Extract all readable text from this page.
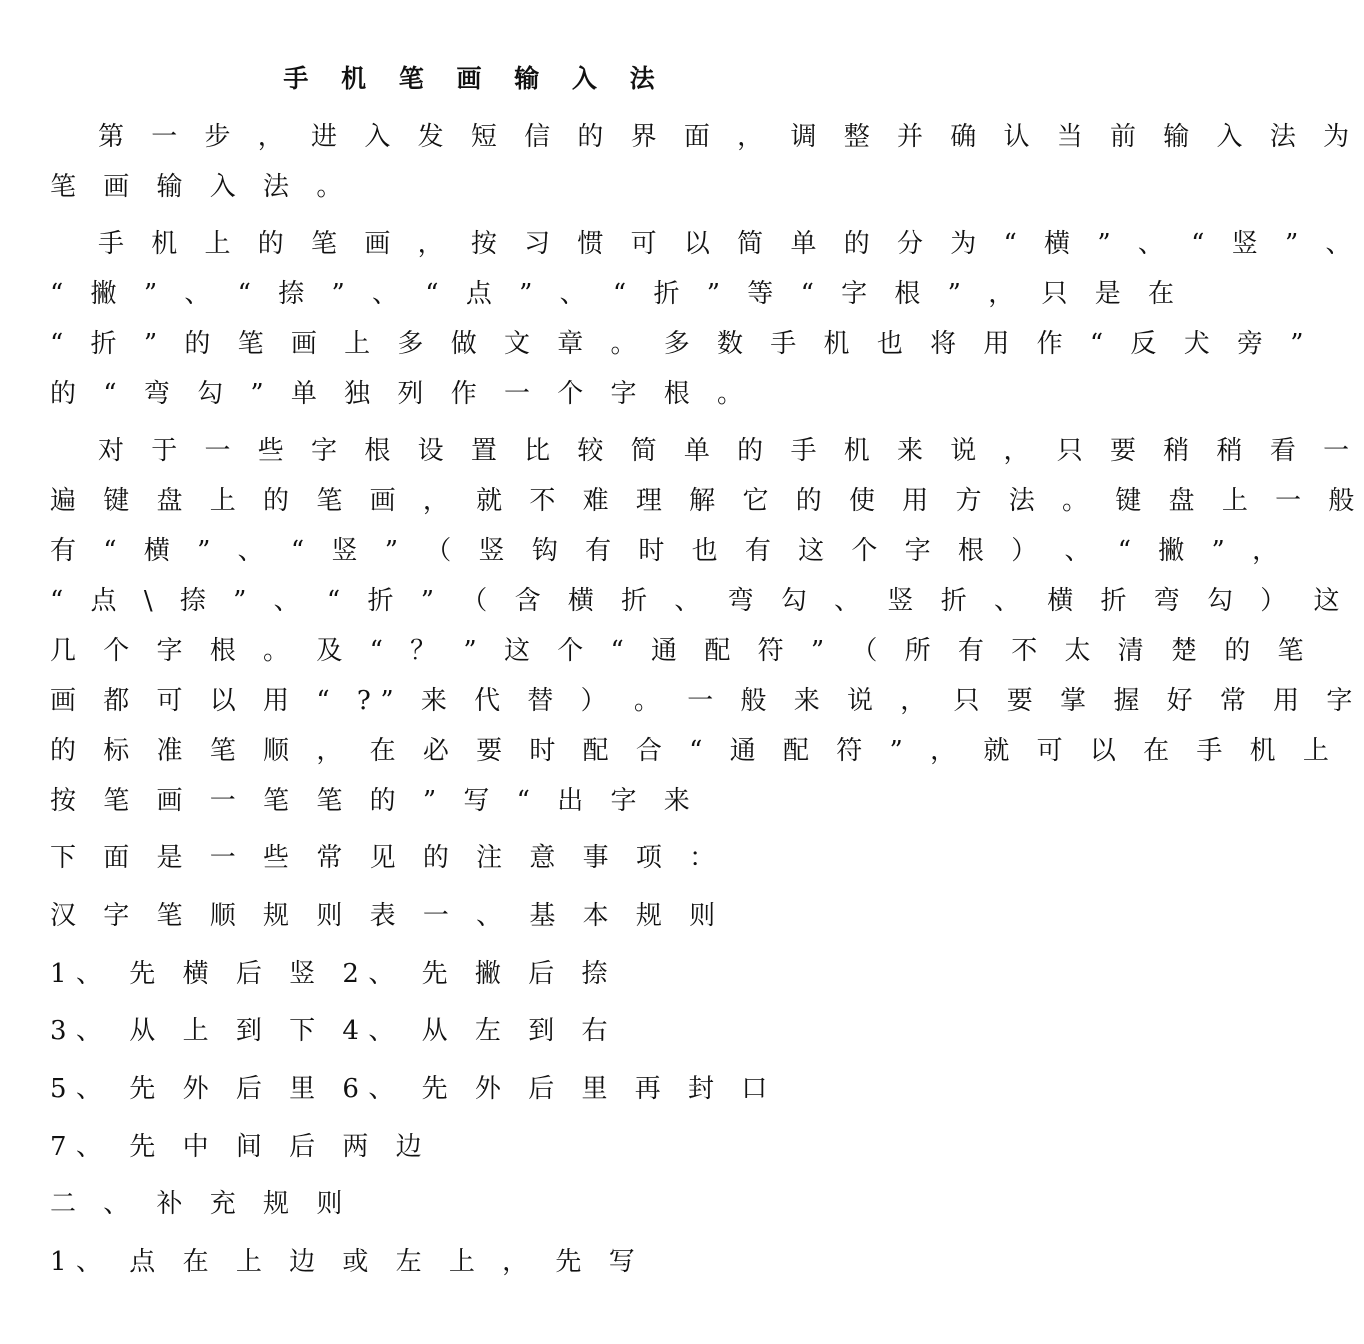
手 机 笔 画 输 入 法
第 一 步 ， 进 入 发 短 信 的 界 面 ， 调 整 并 确 认 当 前 输 入 法 为
笔 画 输 入 法 。
手 机 上 的 笔 画 ， 按 习 惯 可 以 简 单 的 分 为 “ 横 ” 、 “ 竖 ” 、
“ 撇 ” 、 “ 捺 ” 、 “ 点 ” 、 “ 折 ” 等 “ 字 根 ” ， 只 是 在
“ 折 ” 的 笔 画 上 多 做 文 章 。 多 数 手 机 也 将 用 作 “ 反 犬 旁 ”
的 “ 弯 勾 ” 单 独 列 作 一 个 字 根 。
对 于 一 些 字 根 设 置 比 较 简 单 的 手 机 来 说 ， 只 要 稍 稍 看 一
遍 键 盘 上 的 笔 画 ， 就 不 难 理 解 它 的 使 用 方 法 。 键 盘 上 一 般
有 “ 横 ” 、 “ 竖 ” （ 竖 钩 有 时 也 有 这 个 字 根 ） 、 “ 撇 ” ，
“ 点 \ 捺 ” 、 “ 折 ” （ 含 横 折 、 弯 勾 、 竖 折 、 横 折 弯 勾 ） 这
几 个 字 根 。 及 “ ？ ” 这 个 “ 通 配 符 ” （ 所 有 不 太 清 楚 的 笔
画 都 可 以 用 “ ?” 来 代 替 ） 。 一 般 来 说 ， 只 要 掌 握 好 常 用 字
的 标 准 笔 顺 ， 在 必 要 时 配 合 “ 通 配 符 ” ， 就 可 以 在 手 机 上
按 笔 画 一 笔 笔 的 ” 写 “ 出 字 来
下 面 是 一 些 常 见 的 注 意 事 项 ：
汉 字 笔 顺 规 则 表 一 、 基 本 规 则
1、 先 横 后 竖 2、 先 撇 后 捺
3、 从 上 到 下 4、 从 左 到 右
5、 先 外 后 里 6、 先 外 后 里 再 封 口
7、 先 中 间 后 两 边
二 、 补 充 规 则
1、 点 在 上 边 或 左 上 ， 先 写
